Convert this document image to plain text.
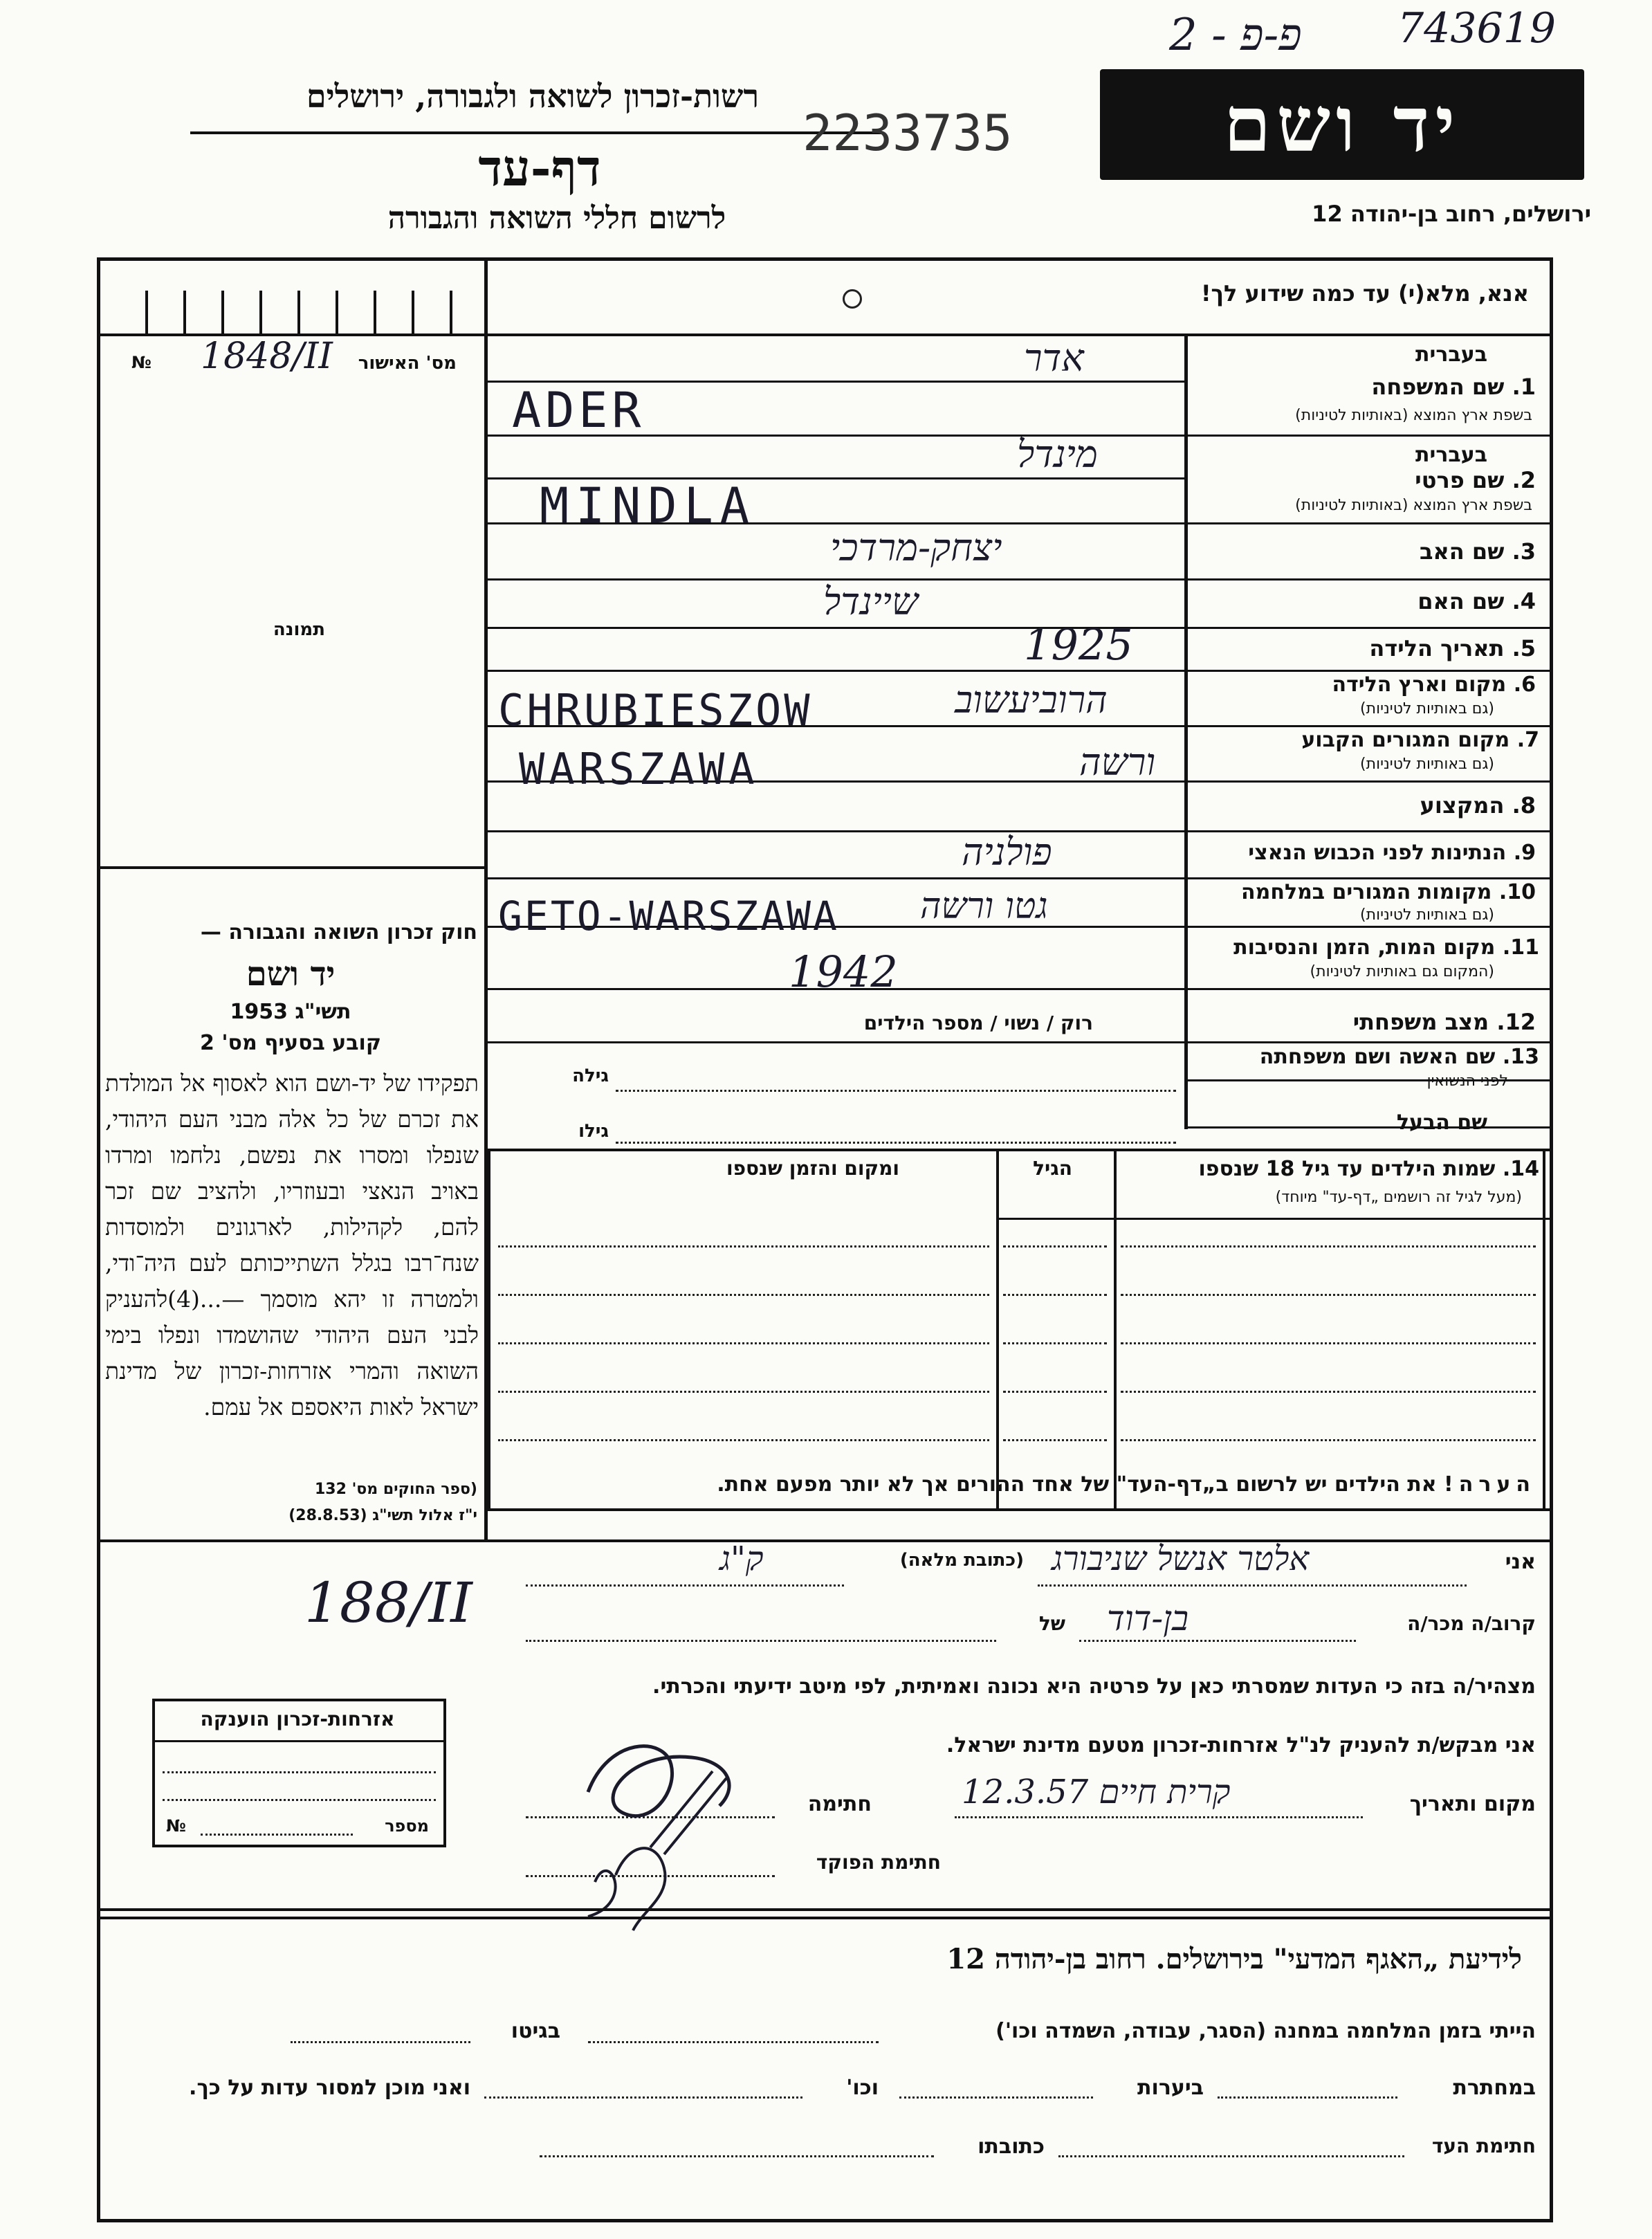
2 - פ-פ 743619
רשות-זכרון לשואה ולגבורה, ירושלים
2233735
דף-עד
לרשום חללי השואה והגבורה
יד ושם
ירושלים, רחוב בן-יהודה 12
אנא, מלא(י) עד כמה שידוע לך!
№	מס' האישור
1848/II
תמונה
חוק זכרון השואה והגבורה —
יד ושם
תשי"ג 1953
קובע בסעיף מס' 2
תפקידו של יד-ושם הוא לאסוף אל המולדת את זכרם של כל אלה מבני העם היהודי, שנפלו ומסרו את נפשם, נלחמו ומרדו באויב הנאצי ובעוזריו, ולהציב שם זכר להם, לקהילות, לארגונים ולמוסדות שנח־רבו בגלל השתייכותם לעם היה־ודי, ולמטרה זו יהא מוסמך —...(4)להעניק לבני העם היהודי שהושמדו ונפלו בימי השואה והמרי אזרחות-זכרון של מדינת ישראל לאות היאספם אל עמם.
(ספר החוקים מס' 132
י"ז אלול תשי"ג (28.8.53)
בעברית
1. שם המשפחה
בשפת ארץ המוצא (באותיות לטיניות)
אדר
ADER
בעברית
2. שם פרטי
בשפת ארץ המוצא (באותיות לטיניות)
מינדל
MINDLA
3. שם האב
יצחק-מרדכי
4. שם האם
שיינדל
5. תאריך הלידה
1925
6. מקום וארץ הלידה
(גם באותיות לטיניות)
CHRUBIESZOW	הרוביעשוב
7. מקום המגורים הקבוע
(גם באותיות לטיניות)
WARSZAWA	ורשה
8. המקצוע
9. הנתינות לפני הכבוש הנאצי
פולניה
10. מקומות המגורים במלחמה
(גם באותיות לטיניות)
GETO-WARSZAWA גטו ורשה
11. מקום המות, הזמן והנסיבות
(המקום גם באותיות לטיניות)
1942
12. מצב משפחתי
רוק / נשוי / מספר הילדים
13. שם האשה ושם משפחתה
לפני הנשואין
גילה
שם הבעל
גילו
14. שמות הילדים עד גיל 18 שנספו
(מעל לגיל זה רושמים „דף-עד" מיוחד)
הגיל
ומקום והזמן שנספו
הערה! את הילדים יש לרשום ב„דף-העד" של אחד ההורים אך לא יותר מפעם אחת.
אני
אלטר אנשל שניבורג
(כתובת מלאה)
ק"ג
188/II	קרוב/ה מכר/ה
בן-דוד
של
מצהיר/ה בזה כי העדות שמסרתי כאן על פרטיה היא נכונה ואמיתית, לפי מיטב ידיעתי והכרתי.
אני מבקש/ת להעניק לנ"ל אזרחות-זכרון מטעם מדינת ישראל.
מקום ותאריך
קרית חיים 12.3.57
חתימה
חתימת הפוקד
אזרחות-זכרון הוענקה
№	מספר
לידיעת „האגף המדעי" בירושלים. רחוב בן-יהודה 12
הייתי בזמן המלחמה במחנה (הסגר, עבודה, השמדה וכו')
בגיטו
במחתרת
ביערות
וכו'
ואני מוכן למסור עדות על כך.
חתימת העד
כתובתו
